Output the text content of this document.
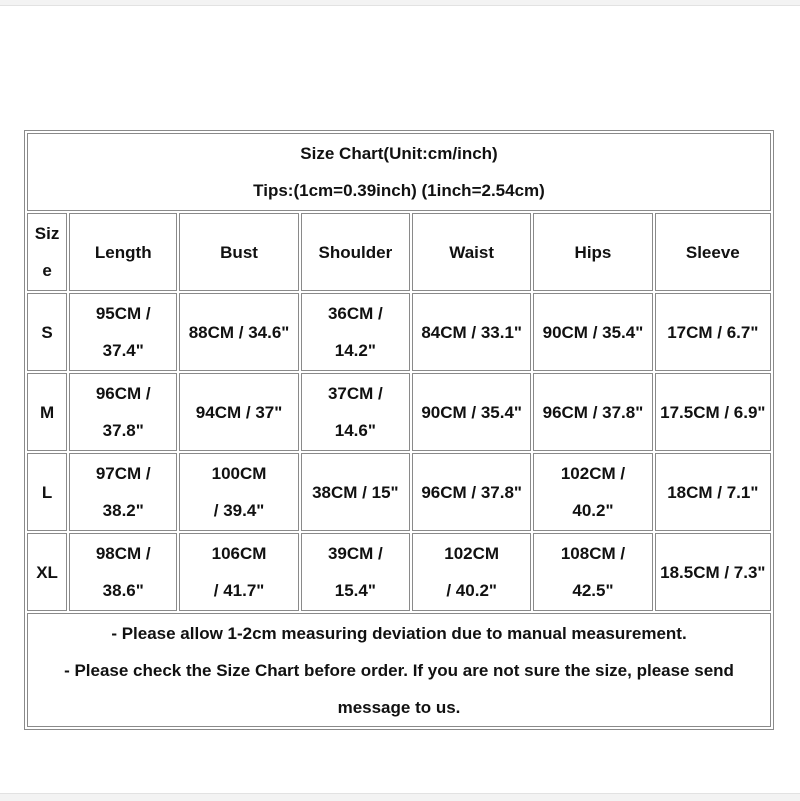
Size Chart(Unit:cm/inch)
Tips:(1cm=0.39inch) (1inch=2.54cm)						

Size	Length	Bust	Shoulder	Waist	Hips	Sleeve
S	95CM / 37.4"	88CM / 34.6"	36CM / 14.2"	84CM / 33.1"	90CM / 35.4"	17CM / 6.7"

M	96CM / 37.8"	94CM / 37"	37CM / 14.6"	90CM / 35.4"	96CM / 37.8"	17.5CM / 6.9"

L	97CM / 38.2"	100CM / 39.4"	38CM / 15"	96CM / 37.8"	102CM / 40.2"	18CM / 7.1"

XL	98CM / 38.6"	106CM / 41.7"	39CM / 15.4"	102CM / 40.2"	108CM / 42.5"	18.5CM / 7.3"

- Please allow 1-2cm measuring deviation due to manual measurement.
- Please check the Size Chart before order. If you are not sure the size, please send message to us.						
